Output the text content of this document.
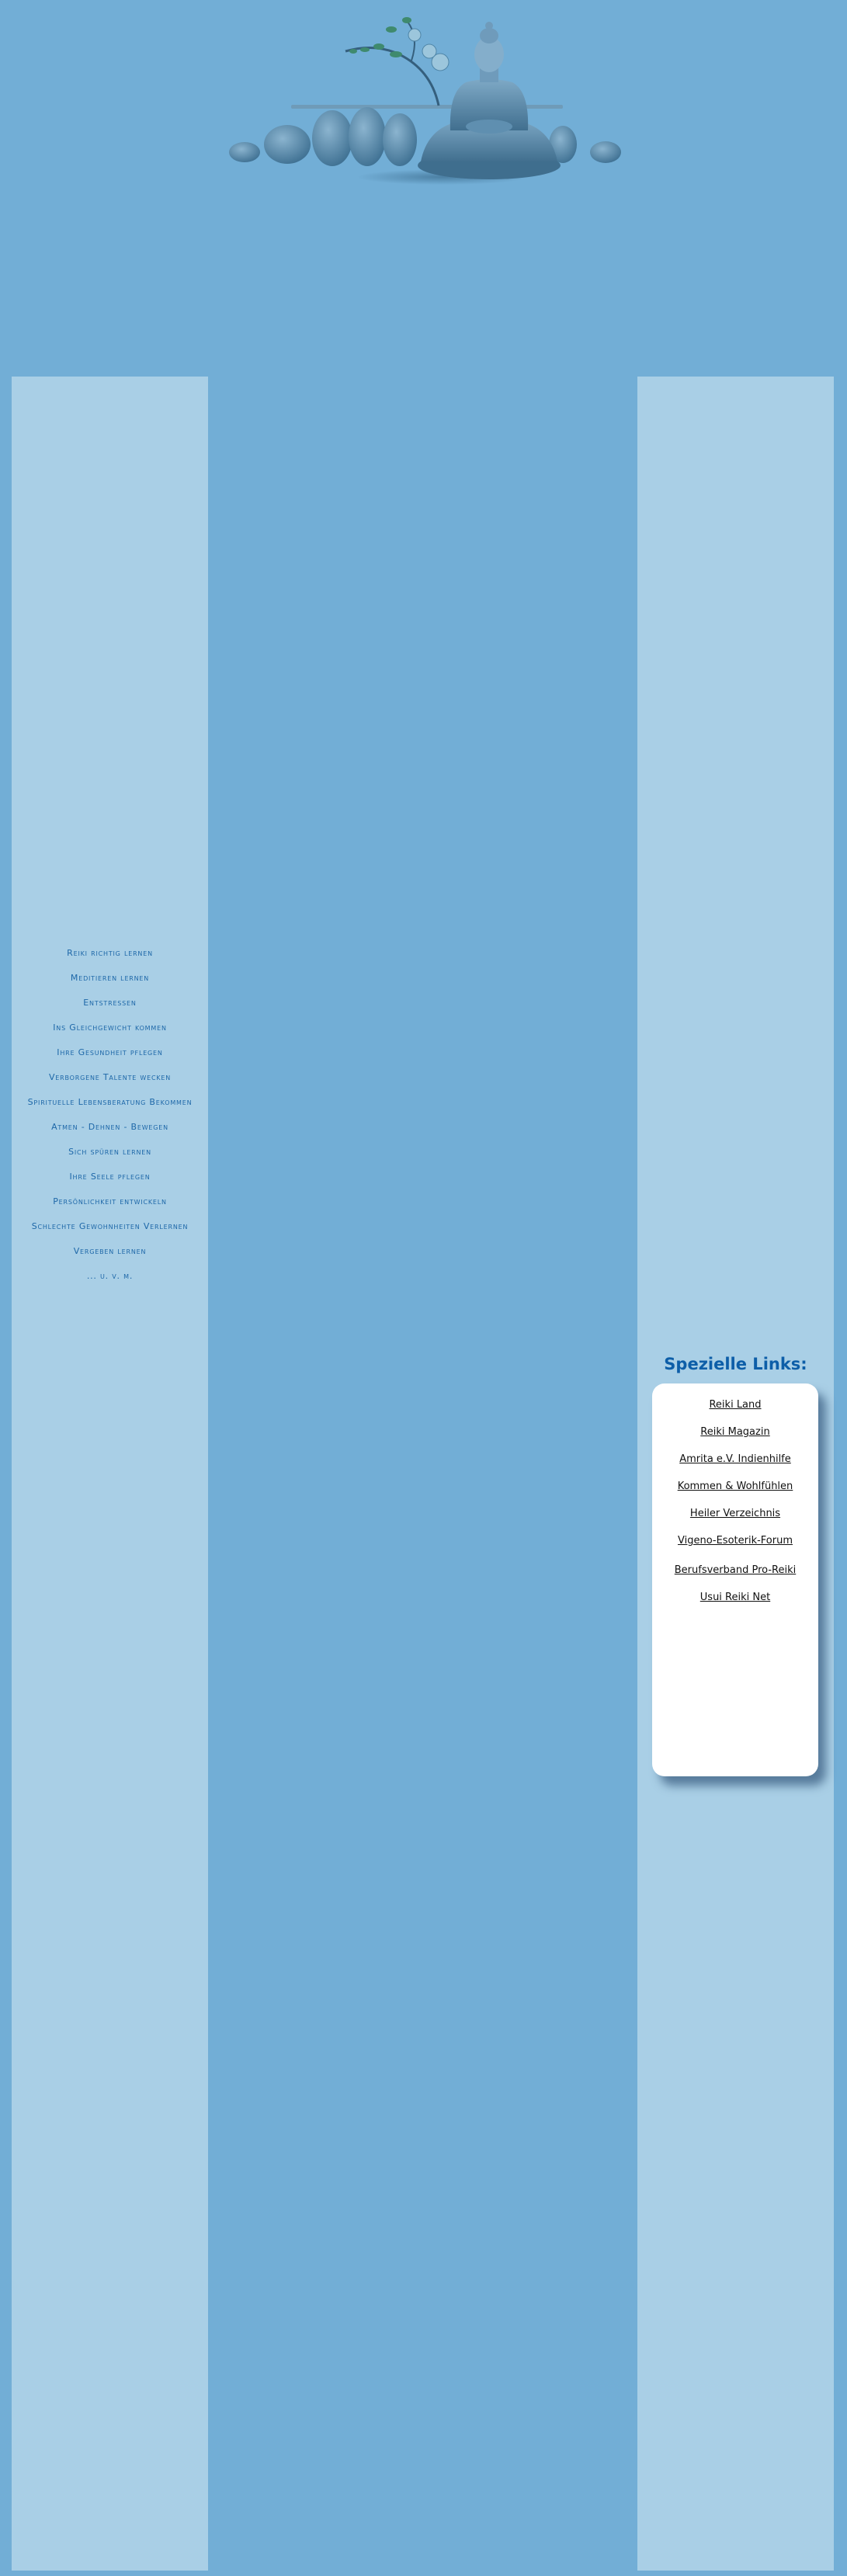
Reiki richtig lernen
Meditieren lernen
Entstressen
Ins Gleichgewicht kommen
Ihre Gesundheit pflegen
Verborgene Talente wecken
Spirituelle Lebensberatung Bekommen
Atmen - Dehnen - Bewegen
Sich spüren lernen
Ihre Seele pflegen
Persönlichkeit entwickeln
Schlechte Gewohnheiten Verlernen
Vergeben lernen
... u. v. m.
Spezielle Links:
Reiki Land
Reiki Magazin
Amrita e.V. Indienhilfe
Kommen & Wohlfühlen
Heiler Verzeichnis
Vigeno-Esoterik-Forum
Berufsverband Pro-Reiki
Usui Reiki Net
